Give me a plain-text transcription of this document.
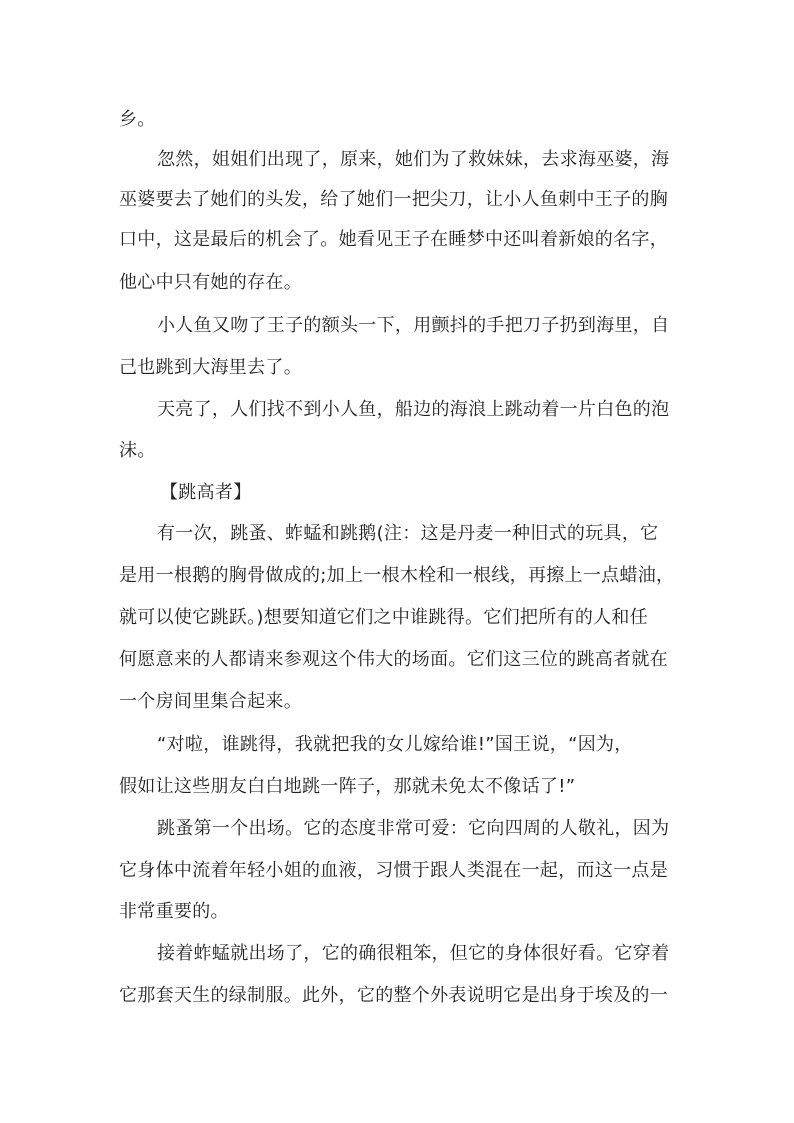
乡。
忽然，姐姐们出现了，原来，她们为了救妹妹，去求海巫婆，海
巫婆要去了她们的头发，给了她们一把尖刀，让小人鱼刺中王子的胸
口中，这是最后的机会了。她看见王子在睡梦中还叫着新娘的名字，
他心中只有她的存在。
小人鱼又吻了王子的额头一下，用颤抖的手把刀子扔到海里，自
己也跳到大海里去了。
天亮了，人们找不到小人鱼，船边的海浪上跳动着一片白色的泡
沫。
【跳高者】
有一次，跳蚤、蚱蜢和跳鹅(注：这是丹麦一种旧式的玩具，它
是用一根鹅的胸骨做成的;加上一根木栓和一根线，再擦上一点蜡油，
就可以使它跳跃。)想要知道它们之中谁跳得。它们把所有的人和任
何愿意来的人都请来参观这个伟大的场面。它们这三位的跳高者就在
一个房间里集合起来。
“对啦，谁跳得，我就把我的女儿嫁给谁!”国王说，“因为，
假如让这些朋友白白地跳一阵子，那就未免太不像话了!”
跳蚤第一个出场。它的态度非常可爱：它向四周的人敬礼，因为
它身体中流着年轻小姐的血液，习惯于跟人类混在一起，而这一点是
非常重要的。
接着蚱蜢就出场了，它的确很粗笨，但它的身体很好看。它穿着
它那套天生的绿制服。此外，它的整个外表说明它是出身于埃及的一
